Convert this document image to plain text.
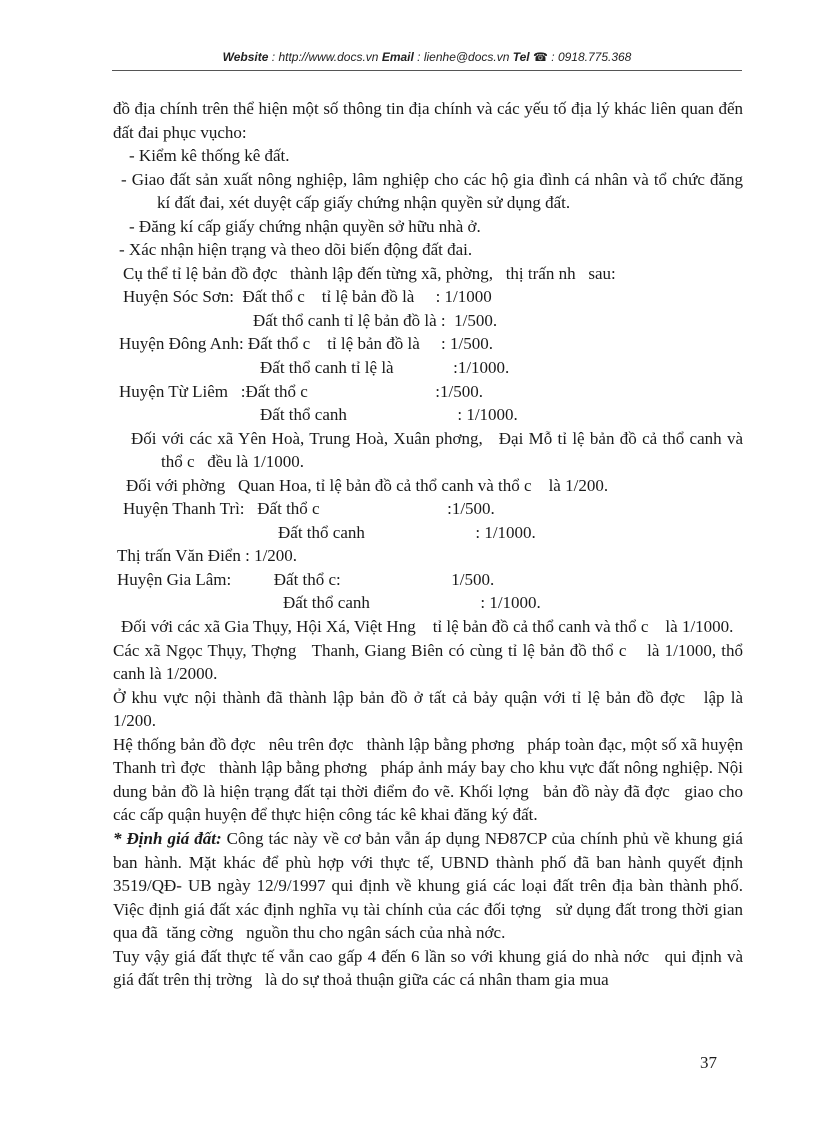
Website : http://www.docs.vn Email : lienhe@docs.vn Tel ☎ : 0918.775.368

đồ địa chính trên thể hiện một số thông tin địa chính và các yếu tố địa lý khác liên quan đến đất đai phục vụcho:

- Kiểm kê thống kê đất.

- Giao đất sản xuất nông nghiệp, lâm nghiệp cho các hộ gia đình cá nhân và tổ chức đăng kí đất đai, xét duyệt cấp giấy chứng nhận quyền sử dụng đất.

- Đăng kí cấp giấy chứng nhận quyền sở hữu nhà ở.

- Xác nhận hiện trạng và theo dõi biến động đất đai.

Cụ thể tỉ lệ bản đồ đợc   thành lập đến từng xã, phờng,   thị trấn nh   sau:

Huyện Sóc Sơn:  Đất thổ c    tỉ lệ bản đồ là     : 1/1000

Đất thổ canh tỉ lệ bản đồ là :  1/500.

Huyện Đông Anh: Đất thổ c    tỉ lệ bản đồ là     : 1/500.

Đất thổ canh tỉ lệ là              :1/1000.

Huyện Từ Liêm   :Đất thổ c                              :1/500.

Đất thổ canh                          : 1/1000.

Đối với các xã Yên Hoà, Trung Hoà, Xuân phơng,   Đại Mỗ tỉ lệ bản đồ cả thổ canh và thổ c   đều là 1/1000.

Đối với phờng   Quan Hoa, tỉ lệ bản đồ cả thổ canh và thổ c    là 1/200.

Huyện Thanh Trì:   Đất thổ c                              :1/500.

Đất thổ canh                          : 1/1000.

Thị trấn Văn Điển : 1/200.

Huyện Gia Lâm:          Đất thổ c:                          1/500.

Đất thổ canh                          : 1/1000.

Đối với các xã Gia Thụy, Hội Xá, Việt Hng    tỉ lệ bản đồ cả thổ canh và thổ c    là 1/1000.

Các xã Ngọc Thụy, Thợng   Thanh, Giang Biên có cùng tỉ lệ bản đồ thổ c    là 1/1000, thổ canh là 1/2000.

Ở khu vực nội thành đã thành lập bản đồ ở tất cả bảy quận với tỉ lệ bản đồ đợc   lập là 1/200.

Hệ thống bản đồ đợc   nêu trên đợc   thành lập bằng phơng   pháp toàn đạc, một số xã huyện Thanh trì đợc   thành lập bằng phơng   pháp ảnh máy bay cho khu vực đất nông nghiệp. Nội dung bản đồ là hiện trạng đất tại thời điểm đo vẽ. Khối lợng   bản đồ này đã đợc   giao cho các cấp quận huyện để thực hiện công tác kê khai đăng ký đất.

* Định giá đất: Công tác này về cơ bản vẫn áp dụng NĐ87CP của chính phủ về khung giá ban hành. Mặt khác để phù hợp với thực tế, UBND thành phố đã ban hành quyết định 3519/QĐ- UB ngày 12/9/1997 qui định về khung giá các loại đất trên địa bàn thành phố. Việc định giá đất xác định nghĩa vụ tài chính của các đối tợng   sử dụng đất trong thời gian qua đã  tăng cờng   nguồn thu cho ngân sách của nhà nớc.

Tuy vậy giá đất thực tế vẫn cao gấp 4 đến 6 lần so với khung giá do nhà nớc   qui định và giá đất trên thị trờng   là do sự thoả thuận giữa các cá nhân tham gia mua

37
